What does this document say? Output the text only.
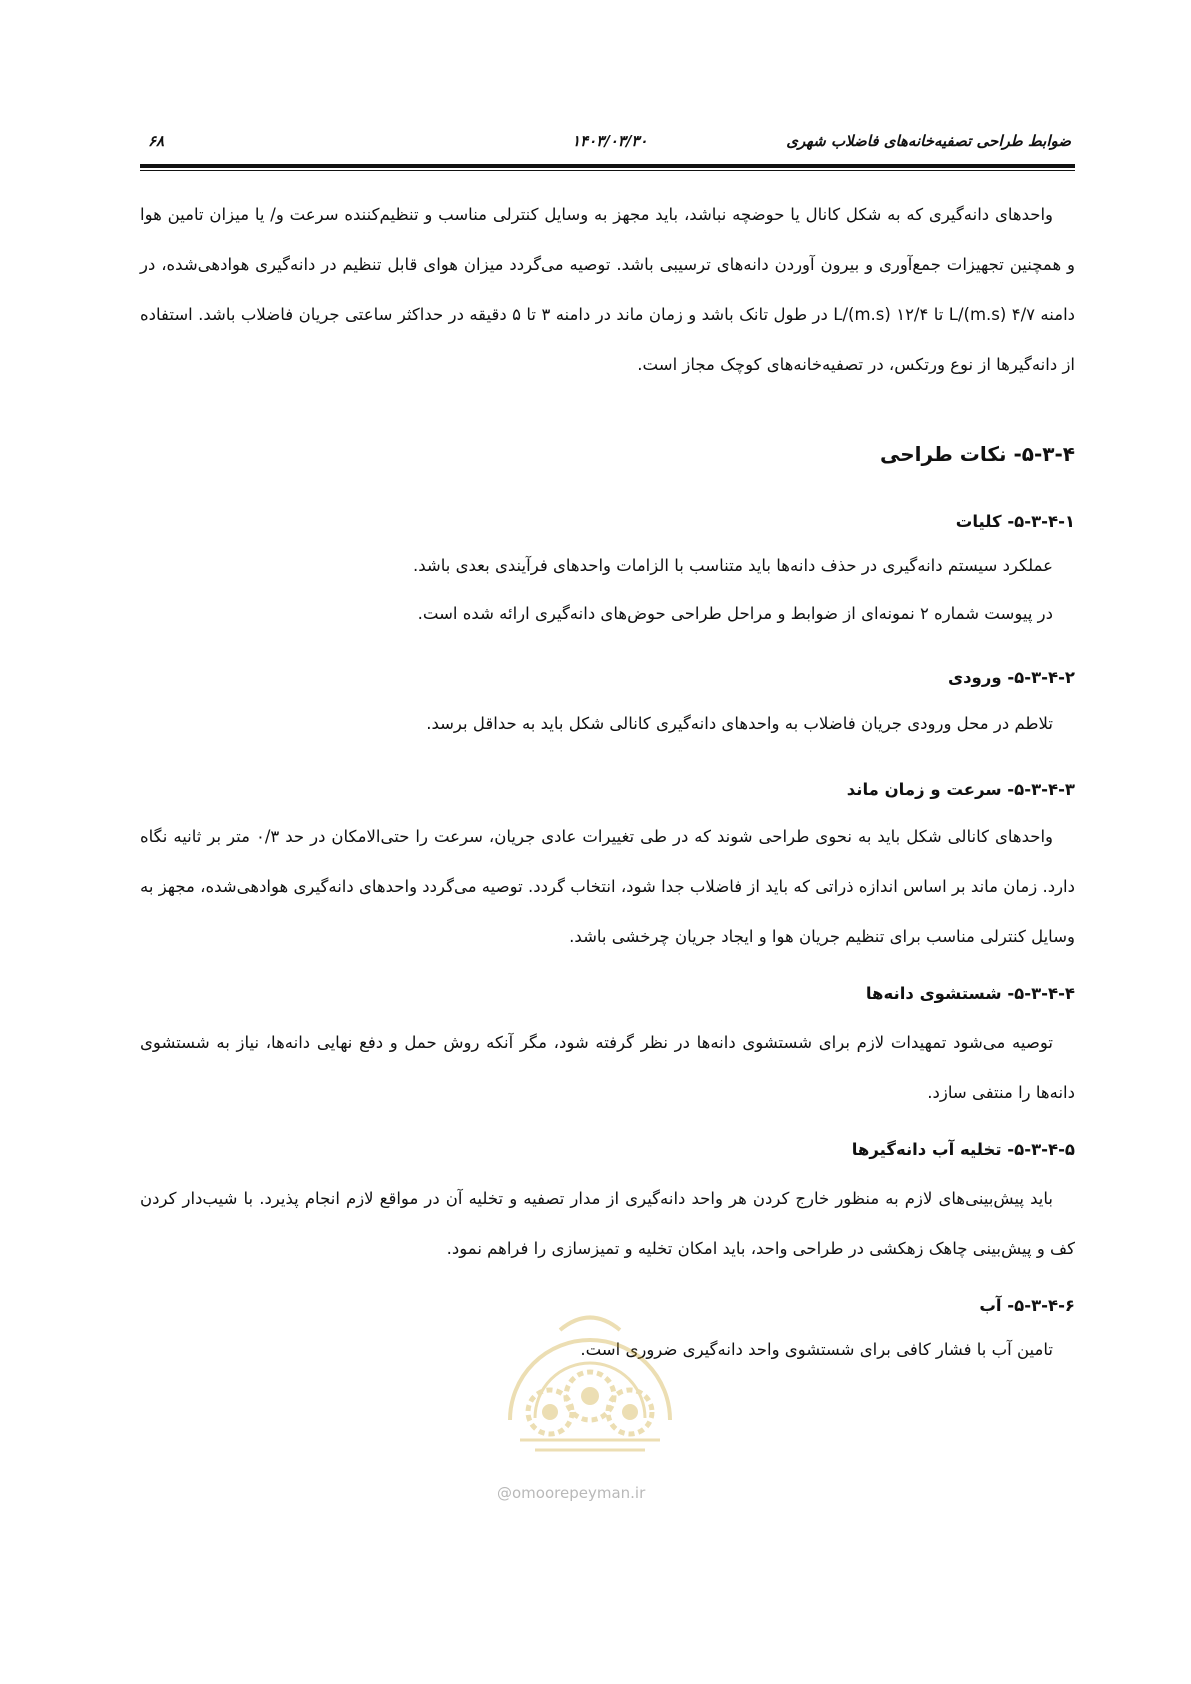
۶۸	۱۴۰۳/۰۳/۳۰	ضوابط طراحی تصفیه‌خانه‌های فاضلاب شهری

واحدهای دانه‌گیری که به شکل کانال یا حوضچه نباشد، باید مجهز به وسایل کنترلی مناسب و تنظیم‌کننده سرعت و/ یا میزان تامین هوا و همچنین تجهیزات جمع‌آوری و بیرون آوردن دانه‌های ترسیبی باشد. توصیه می‌گردد میزان هوای قابل تنظیم در دانه‌گیری هوادهی‌شده، در دامنه ۴/۷ L/(m.s) تا ۱۲/۴ L/(m.s) در طول تانک باشد و زمان ماند در دامنه ۳ تا ۵ دقیقه در حداکثر ساعتی جریان فاضلاب باشد. استفاده از دانه‌گیرها از نوع ورتکس، در تصفیه‌خانه‌های کوچک مجاز است.

۵-۳-۴- نکات طراحی
۵-۳-۴-۱- کلیات
عملکرد سیستم دانه‌گیری در حذف دانه‌ها باید متناسب با الزامات واحدهای فرآیندی بعدی باشد.
در پیوست شماره ۲ نمونه‌ای از ضوابط و مراحل طراحی حوض‌های دانه‌گیری ارائه شده است.
۵-۳-۴-۲- ورودی
تلاطم در محل ورودی جریان فاضلاب به واحدهای دانه‌گیری کانالی شکل باید به حداقل برسد.
۵-۳-۴-۳- سرعت و زمان ماند

واحدهای کانالی شکل باید به نحوی طراحی شوند که در طی تغییرات عادی جریان، سرعت را حتی‌الامکان در حد ۰/۳ متر بر ثانیه نگاه دارد. زمان ماند بر اساس اندازه ذراتی که باید از فاضلاب جدا شود، انتخاب گردد. توصیه می‌گردد واحدهای دانه‌گیری هوادهی‌شده، مجهز به وسایل کنترلی مناسب برای تنظیم جریان هوا و ایجاد جریان چرخشی باشد.

۵-۳-۴-۴- شستشوی دانه‌ها

توصیه می‌شود تمهیدات لازم برای شستشوی دانه‌ها در نظر گرفته شود، مگر آنکه روش حمل و دفع نهایی دانه‌ها، نیاز به شستشوی دانه‌ها را منتفی سازد.

۵-۳-۴-۵- تخلیه آب دانه‌گیرها

باید پیش‌بینی‌های لازم به منظور خارج کردن هر واحد دانه‌گیری از مدار تصفیه و تخلیه آن در مواقع لازم انجام پذیرد. با شیب‌دار کردن کف و پیش‌بینی چاهک زهکشی در طراحی واحد، باید امکان تخلیه و تمیزسازی را فراهم نمود.

۵-۳-۴-۶- آب
تامین آب با فشار کافی برای شستشوی واحد دانه‌گیری ضروری است.
@omoorepeyman.ir
